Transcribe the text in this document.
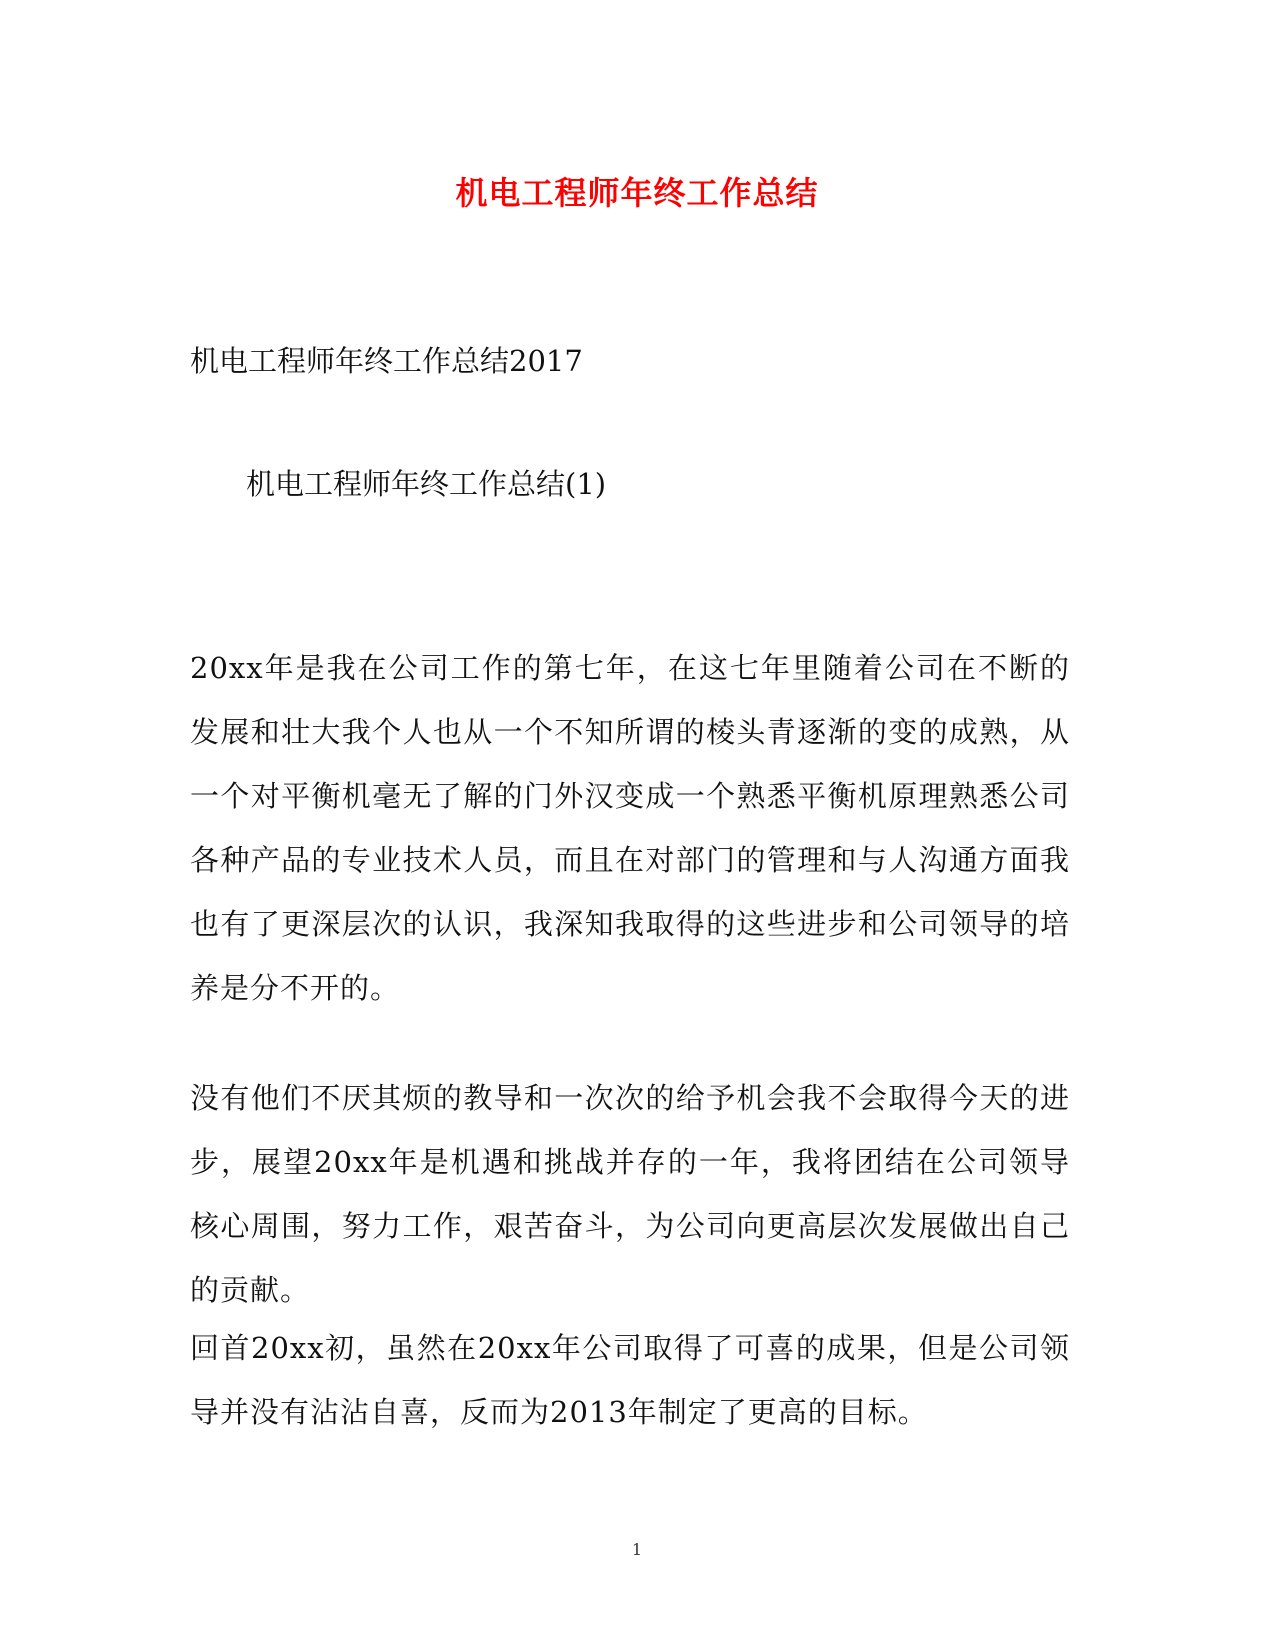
机电工程师年终工作总结
机电工程师年终工作总结2017
机电工程师年终工作总结(1)
20xx年是我在公司工作的第七年，在这七年里随着公司在不断的发展和壮大我个人也从一个不知所谓的棱头青逐渐的变的成熟，从一个对平衡机毫无了解的门外汉变成一个熟悉平衡机原理熟悉公司各种产品的专业技术人员，而且在对部门的管理和与人沟通方面我也有了更深层次的认识，我深知我取得的这些进步和公司领导的培养是分不开的。
没有他们不厌其烦的教导和一次次的给予机会我不会取得今天的进步，展望20xx年是机遇和挑战并存的一年，我将团结在公司领导核心周围，努力工作，艰苦奋斗，为公司向更高层次发展做出自己的贡献。
回首20xx初，虽然在20xx年公司取得了可喜的成果，但是公司领导并没有沾沾自喜，反而为2013年制定了更高的目标。
1
